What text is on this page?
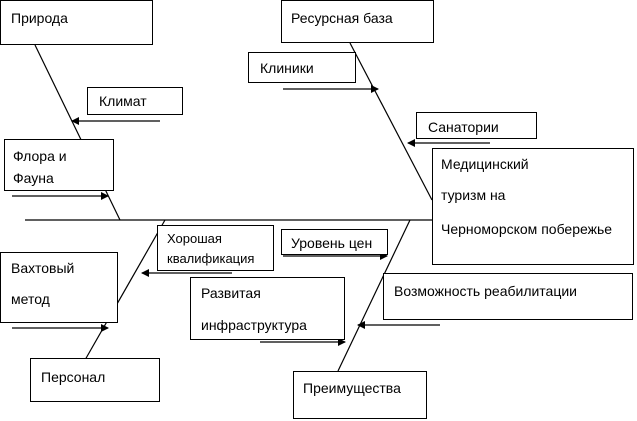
Природа	Ресурсная база
Клиники
Климат
Санатории
Флора и
Фауна
Медицинский
туризм на
Черноморском побережье
Хорошая
квалификация
Уровень цен
Вахтовый
метод	Возможность реабилитации
Развитая
инфраструктура
Персонал
Преимущества
